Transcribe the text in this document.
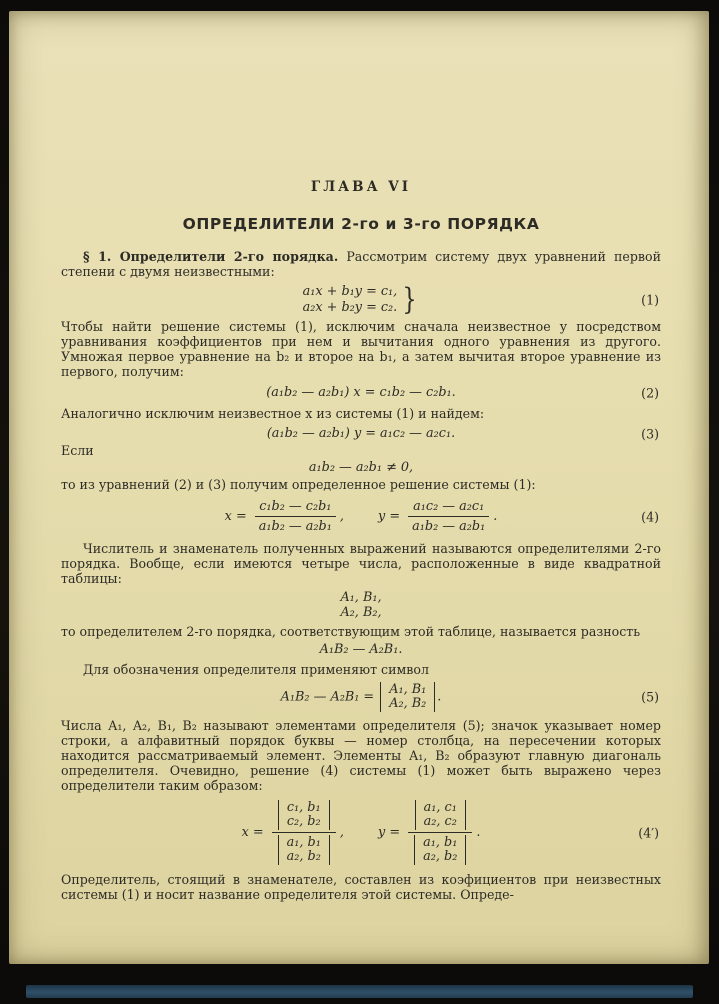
ГЛАВА VI
ОПРЕДЕЛИТЕЛИ 2-го и 3-го ПОРЯДКА

§ 1. Определители 2-го порядка. Рассмотрим систему двух уравнений первой степени с двумя неизвестными:

a₁x + b₁y = c₁,
a₂x + b₂y = c₂. }	(1)

Чтобы найти решение системы (1), исключим сначала неизвестное y посредством уравнивания коэффициентов при нем и вычитания одного уравнения из другого. Умножая первое уравнение на b₂ и второе на b₁, а затем вычитая второе уравнение из первого, получим:

(a₁b₂ — a₂b₁) x = c₁b₂ — c₂b₁.	(2)

Аналогично исключим неизвестное x из системы (1) и найдем:

(a₁b₂ — a₂b₁) y = a₁c₂ — a₂c₁.	(3)

Если

a₁b₂ — a₂b₁ ≠ 0,

то из уравнений (2) и (3) получим определенное решение системы (1):

$x = \frac{\text{c₁b₂ — c₂b₁}}{\text{a₁b₂ — a₂b₁}}$ ,	$y = \frac{\text{a₁c₂ — a₂c₁}}{\text{a₁b₂ — a₂b₁}}$ .	(4)

Числитель и знаменатель полученных выражений называются определителями 2-го порядка. Вообще, если имеются четыре числа, расположенные в виде квадратной таблицы:

A₁, B₁,
A₂, B₂,

то определителем 2-го порядка, соответствующим этой таблице, называется разность

A₁B₂ — A₂B₁.

Для обозначения определителя применяют символ

A₁B₂ — A₂B₁ = A₁, B₁
A₂, B₂ .	(5)

Числа A₁, A₂, B₁, B₂ называют элементами определителя (5); значок указывает номер строки, а алфавитный порядок буквы — номер столбца, на пересечении которых находится рассматриваемый элемент. Элементы A₁, B₂ образуют главную диагональ определителя. Очевидно, решение (4) системы (1) может быть выражено через определители таким образом:

x = c₁, b₁
c₂, b₂
a₁, b₁
a₂, b₂ ,	y = a₁, c₁
a₂, c₂
a₁, b₁
a₂, b₂ .	(4′)

Определитель, стоящий в знаменателе, составлен из коэфициентов при неизвестных системы (1) и носит название определителя этой системы. Опреде-
